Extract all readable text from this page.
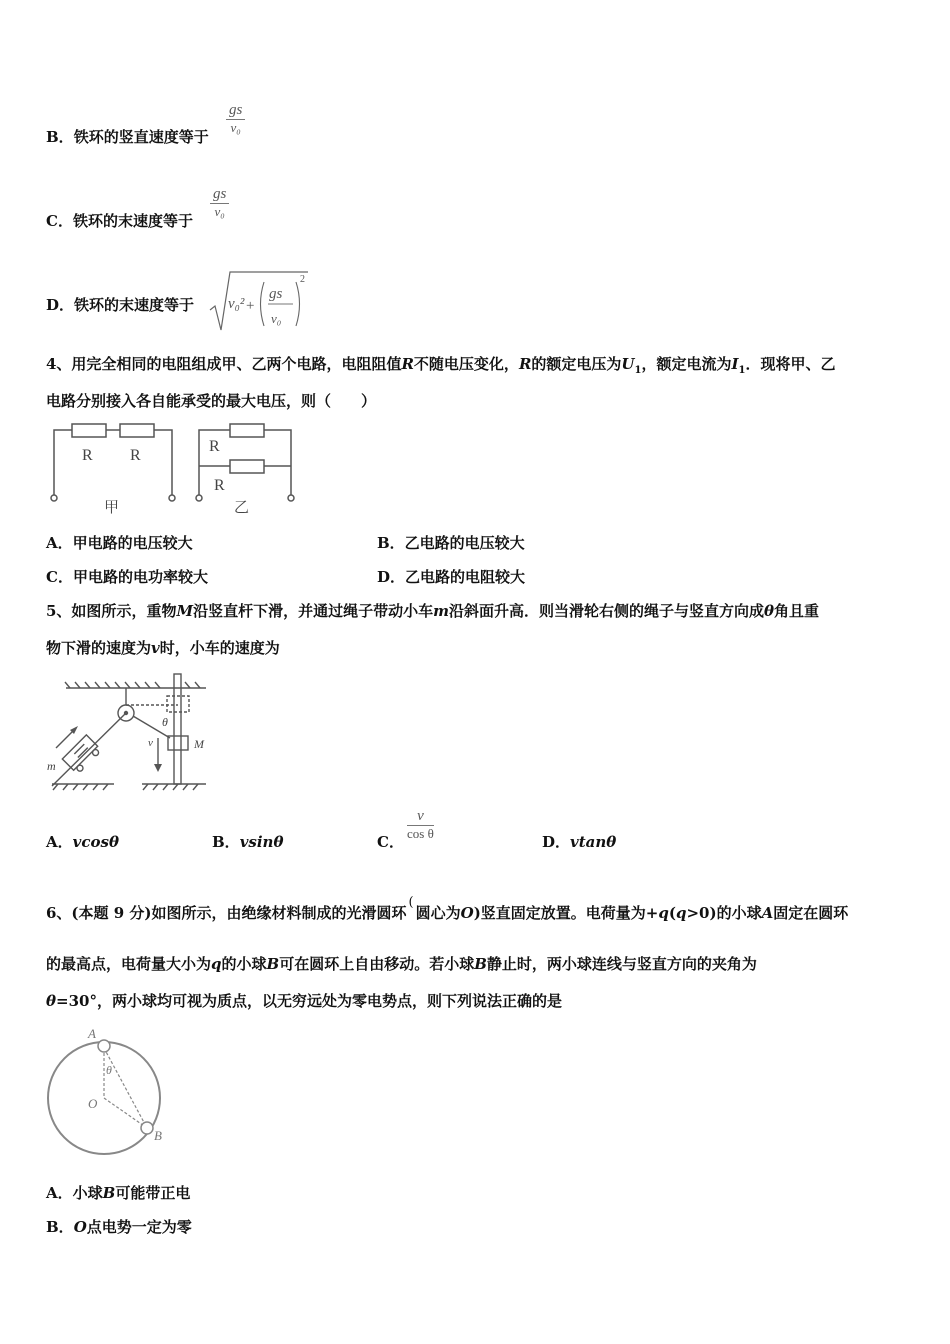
B．铁环的竖直速度等于
$\frac{gs}{\text{v₀}}$
C．铁环的末速度等于
$\frac{gs}{\text{v₀}}$
D．铁环的末速度等于 v₀² +
gs
v₀
2
4、用完全相同的电阻组成甲、乙两个电路，电阻阻值R不随电压变化，R的额定电压为$U_1$，额定电流为$I_1$．现将甲、乙
电路分别接入各自能承受的最大电压，则（　　）
R R
甲
R
R
乙
A．甲电路的电压较大	B．乙电路的电压较大
C．甲电路的电功率较大	D．乙电路的电阻较大
5、如图所示，重物M沿竖直杆下滑，并通过绳子带动小车m沿斜面升高．则当滑轮右侧的绳子与竖直方向成θ角且重
物下滑的速度为v时，小车的速度为
m
M
v
θ
A．vcosθ	B．vsinθ	C． $\frac{v}{\text{cos θ}}$	D．vtanθ
6、(本题 9 分)如图所示，由绝缘材料制成的光滑圆环(圆心为O)竖直固定放置。电荷量为+q(q>0)的小球A固定在圆环
的最高点，电荷量大小为q的小球B可在圆环上自由移动。若小球B静止时，两小球连线与竖直方向的夹角为
θ=30°，两小球均可视为质点，以无穷远处为零电势点，则下列说法正确的是
A
B
O
θ
A．小球B可能带正电
B．O点电势一定为零
